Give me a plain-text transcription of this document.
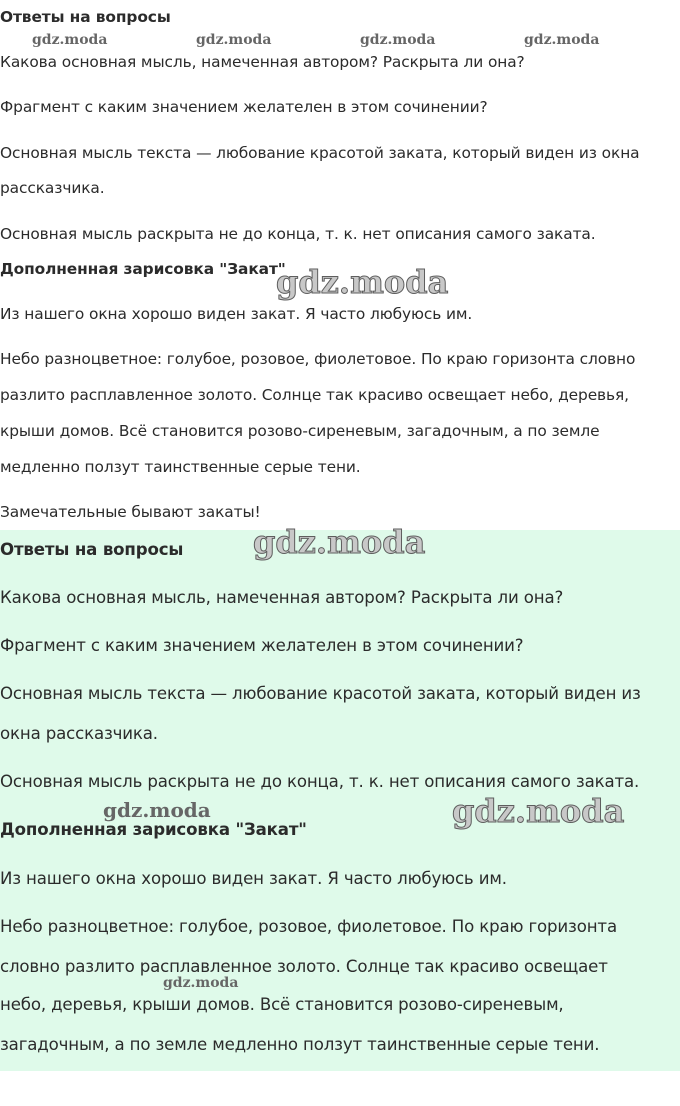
Ответы на вопросы

Какова основная мысль, намеченная автором? Раскрыта ли она?

Фрагмент с каким значением желателен в этом сочинении?

Основная мысль текста — любование красотой заката, который виден из окна

рассказчика.

Основная мысль раскрыта не до конца, т. к. нет описания самого заката.

Дополненная зарисовка "Закат"

Из нашего окна хорошо виден закат. Я часто любуюсь им.

Небо разноцветное: голубое, розовое, фиолетовое. По краю горизонта словно

разлито расплавленное золото. Солнце так красиво освещает небо, деревья,

крыши домов. Всё становится розово-сиреневым, загадочным, а по земле

медленно ползут таинственные серые тени.

Замечательные бывают закаты!

gdz.moda	gdz.moda	gdz.moda	gdz.moda
gdz.moda

Ответы на вопросы

Какова основная мысль, намеченная автором? Раскрыта ли она?

Фрагмент с каким значением желателен в этом сочинении?

Основная мысль текста — любование красотой заката, который виден из

окна рассказчика.

Основная мысль раскрыта не до конца, т. к. нет описания самого заката.

Дополненная зарисовка "Закат"

Из нашего окна хорошо виден закат. Я часто любуюсь им.

Небо разноцветное: голубое, розовое, фиолетовое. По краю горизонта

словно разлито расплавленное золото. Солнце так красиво освещает

небо, деревья, крыши домов. Всё становится розово-сиреневым,

загадочным, а по земле медленно ползут таинственные серые тени.

gdz.moda
gdz.moda	gdz.moda
gdz.moda
